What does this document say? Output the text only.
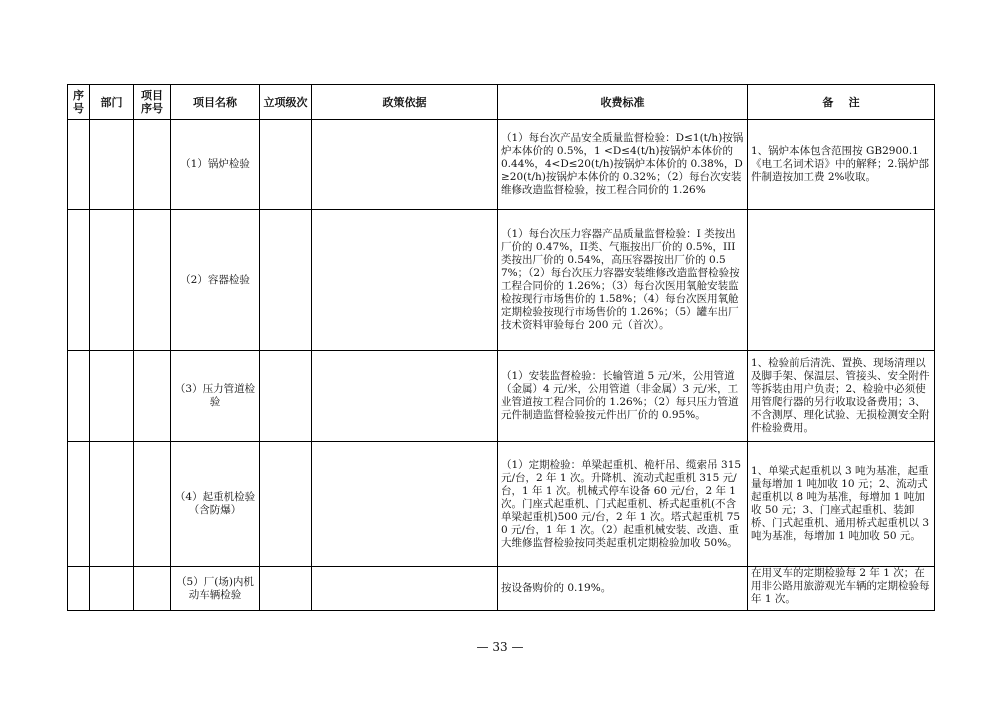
序号	部门	项目序号	项目名称	立项级次	政策依据	收费标准	备    注
			（1）锅炉检验			（1）每台次产品安全质量监督检验：D≤1(t/h)按锅炉本体价的 0.5%，1 <D≤4(t/h)按锅炉本体价的 0.44%，4<D≤20(t/h)按锅炉本体价的 0.38%，D≥20(t/h)按锅炉本体价的 0.32%；（2）每台次安装维修改造监督检验，按工程合同价的 1.26%	1、锅炉本体包含范围按 GB2900.1《电工名词术语》中的解释；2.锅炉部件制造按加工费 2%收取。
			（2）容器检验			（1）每台次压力容器产品质量监督检验：I 类按出厂价的 0.47%，II类、气瓶按出厂价的 0.5%，III类按出厂价的 0.54%，高压容器按出厂价的 0.57%；（2）每台次压力容器安装维修改造监督检验按工程合同价的 1.26%；（3）每台次医用氧舱安装监检按现行市场售价的 1.58%；（4）每台次医用氧舱定期检验按现行市场售价的 1.26%；（5）罐车出厂技术资料审验每台 200 元（首次）。	
			（3）压力管道检验			（1）安装监督检验：长输管道 5 元/米，公用管道（金属）4 元/米，公用管道（非金属）3 元/米，工业管道按工程合同价的 1.26%；（2）每只压力管道元件制造监督检验按元件出厂价的 0.95%。	1、检验前后清洗、置换、现场清理以及脚手架、保温层、管接头、安全附件等拆装由用户负责；2、检验中必须使用管爬行器的另行收取设备费用；3、不含测厚、理化试验、无损检测安全附件检验费用。
			（4）起重机检验（含防爆）			（1）定期检验：单梁起重机、桅杆吊、缆索吊 315 元/台，2 年 1 次。升降机、流动式起重机 315 元/台，1 年 1 次。机械式停车设备 60 元/台，2 年 1 次。门座式起重机、门式起重机、桥式起重机(不含单梁起重机)500 元/台，2 年 1 次。塔式起重机 750 元/台，1 年 1 次。（2）起重机械安装、改造、重大维修监督检验按同类起重机定期检验加收 50%。	1、单梁式起重机以 3 吨为基准，起重量每增加 1 吨加收 10 元；2、流动式起重机以 8 吨为基准，每增加 1 吨加收 50 元；3、门座式起重机、装卸桥、门式起重机、通用桥式起重机以 3 吨为基准，每增加 1 吨加收 50 元。
			（5）厂(场)内机动车辆检验			按设备购价的 0.19%。	在用叉车的定期检验每 2 年 1 次；在用非公路用旅游观光车辆的定期检验每年 1 次。
— 33 —
